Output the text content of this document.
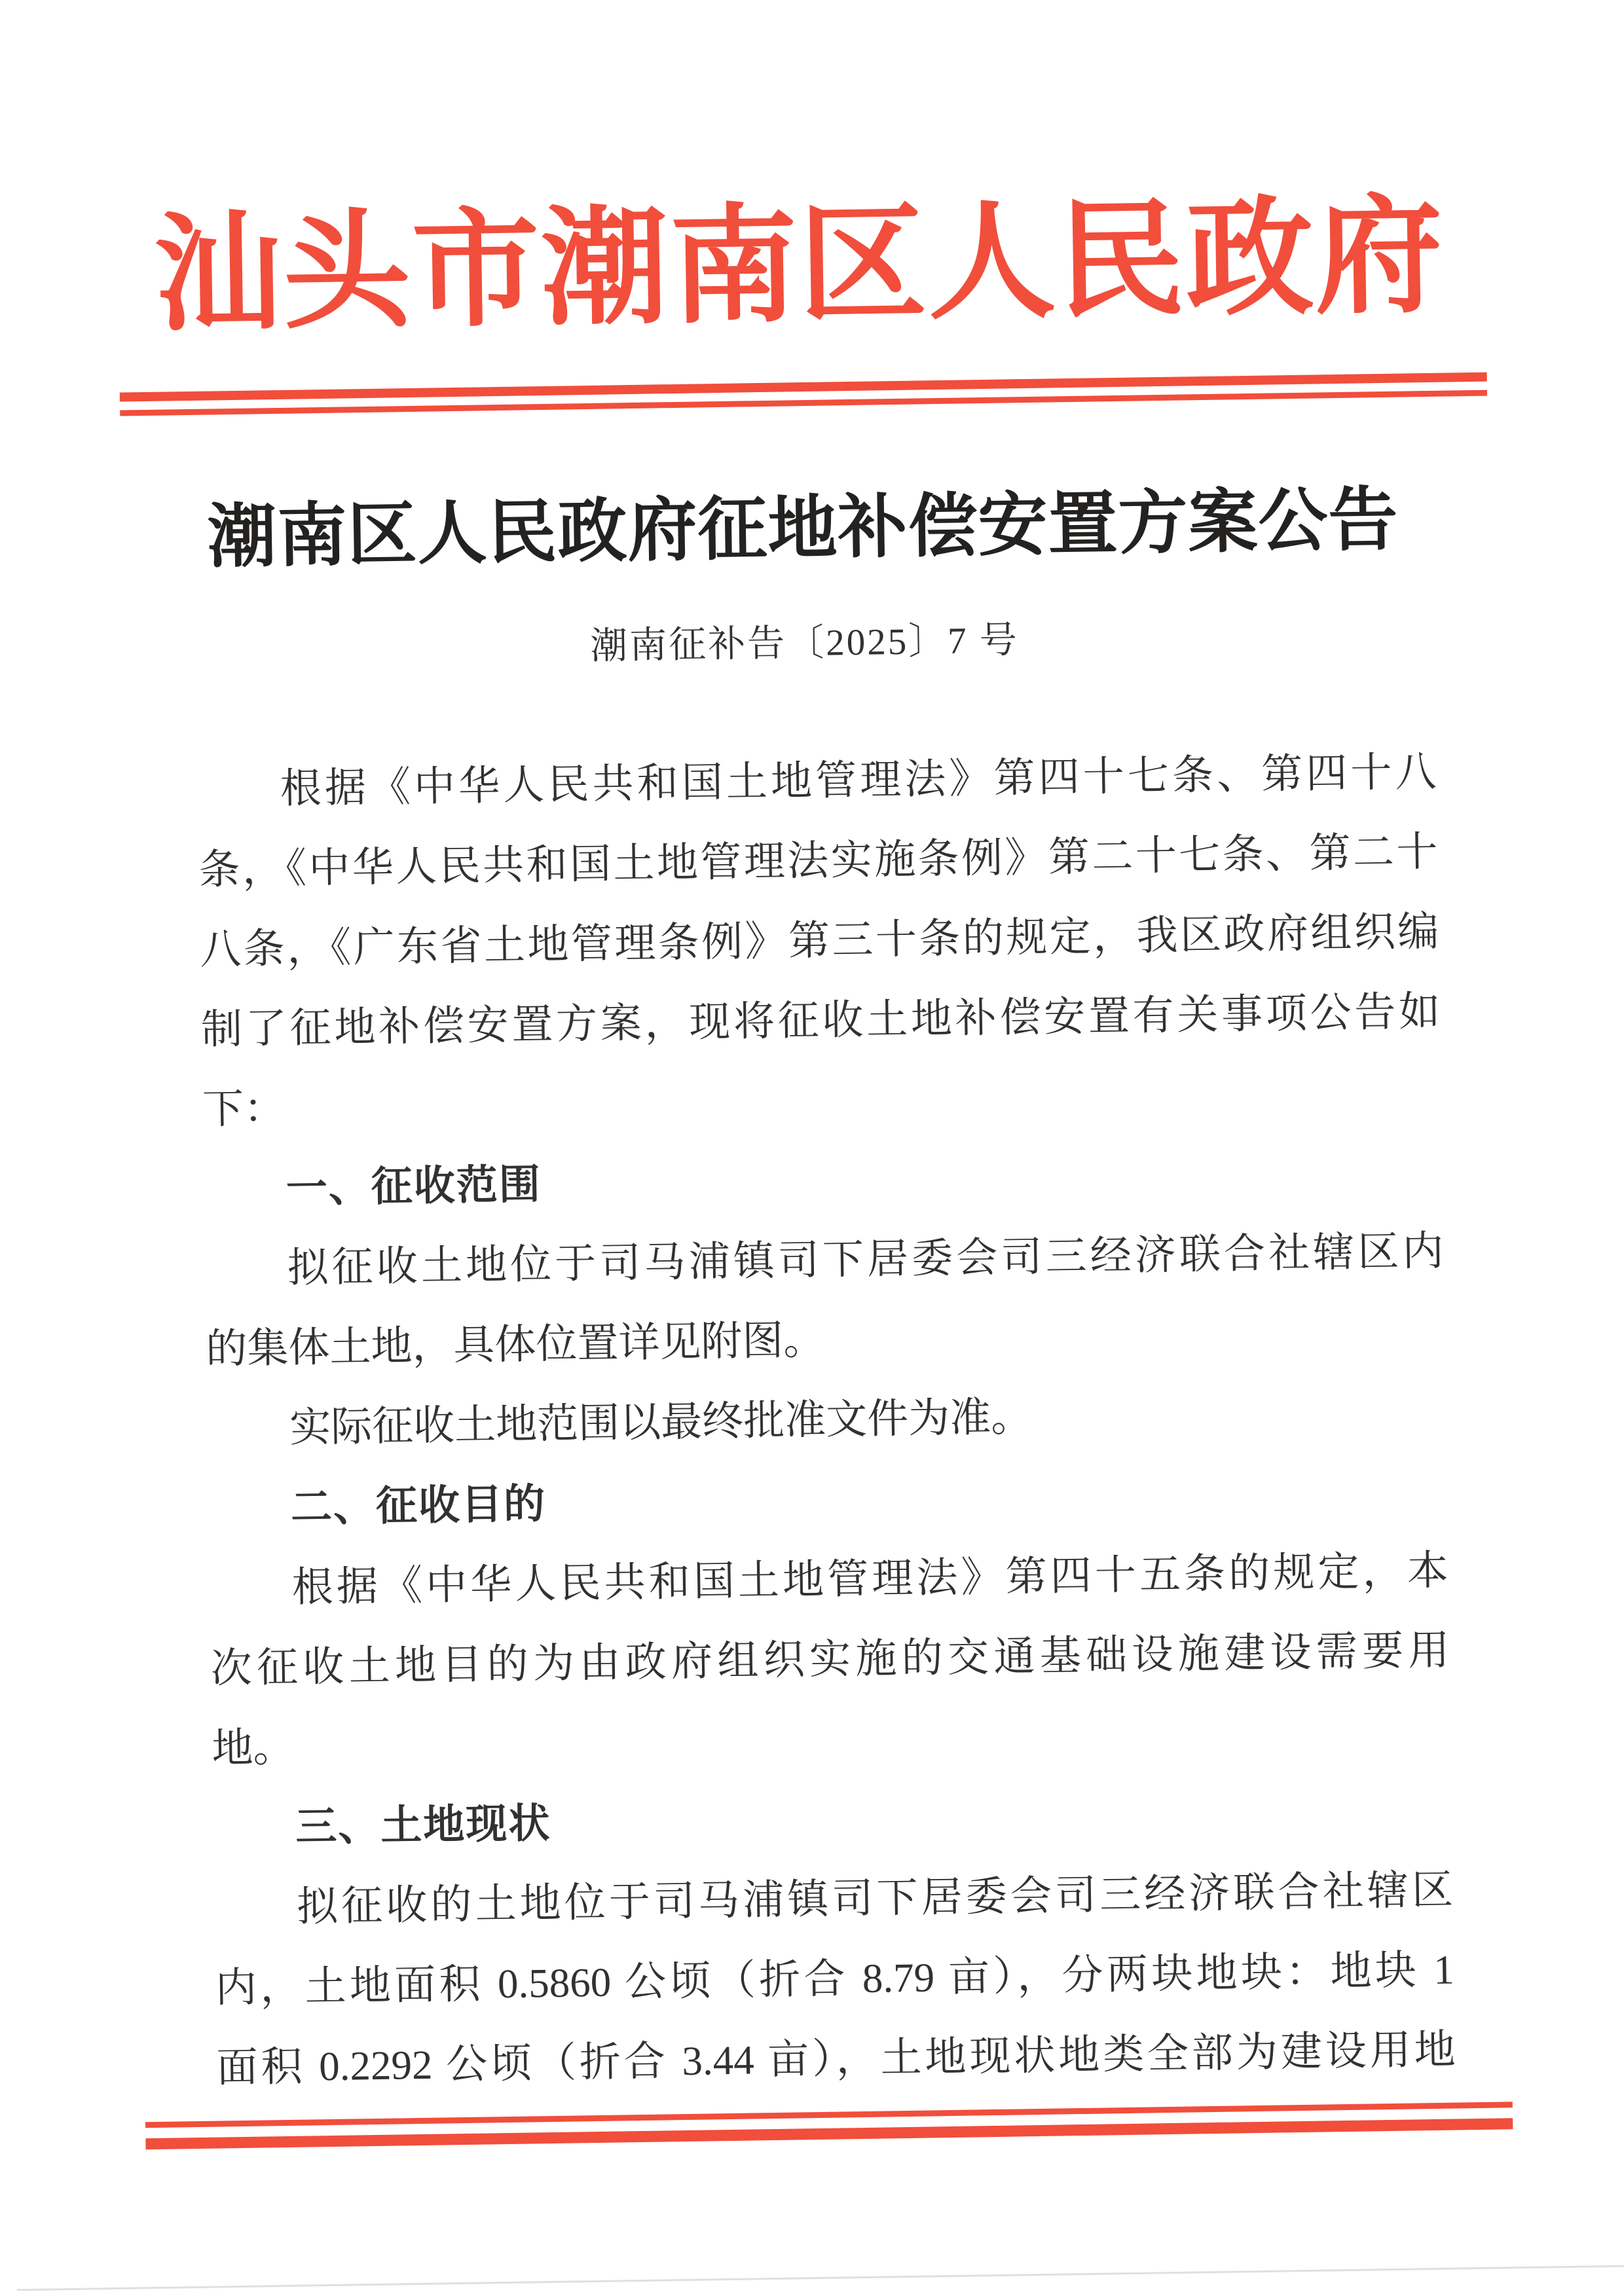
汕头市潮南区人民政府
潮南区人民政府征地补偿安置方案公告
潮南征补告〔2025〕7 号
根据《中华人民共和国土地管理法》第四十七条、第四十八
条，《中华人民共和国土地管理法实施条例》第二十七条、第二十
八条，《广东省土地管理条例》第三十条的规定，我区政府组织编
制了征地补偿安置方案，现将征收土地补偿安置有关事项公告如
下：
一、征收范围
拟征收土地位于司马浦镇司下居委会司三经济联合社辖区内
的集体土地，具体位置详见附图。
实际征收土地范围以最终批准文件为准。
二、征收目的
根据《中华人民共和国土地管理法》第四十五条的规定，本
次征收土地目的为由政府组织实施的交通基础设施建设需要用
地。
三、土地现状
拟征收的土地位于司马浦镇司下居委会司三经济联合社辖区
内，土地面积 0.5860 公顷（折合 8.79 亩），分两块地块：地块 1
面积 0.2292 公顷（折合 3.44 亩），土地现状地类全部为建设用地
